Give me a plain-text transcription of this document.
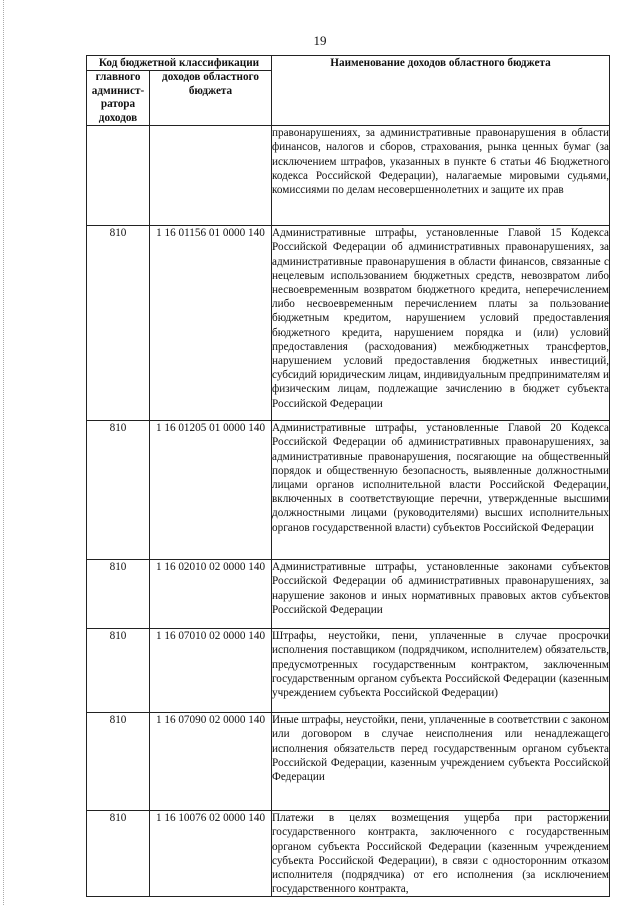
19
Код бюджетной классификации		Наименование доходов областного бюджета
главного админист-ратора доходов	доходов областного бюджета	
		правонарушениях, за административные правонарушения в области финансов, налогов и сборов, страхования, рынка ценных бумаг (за исключением штрафов, указанных в пункте 6 статьи 46 Бюджетного кодекса Российской Федерации), налагаемые мировыми судьями, комиссиями по делам несовершеннолетних и защите их прав
810	1 16 01156 01 0000 140	Административные штрафы, установленные Главой 15 Кодекса Российской Федерации об административных правонарушениях, за административные правонарушения в области финансов, связанные с нецелевым использованием бюджетных средств, невозвратом либо несвоевременным возвратом бюджетного кредита, неперечислением либо несвоевременным перечислением платы за пользование бюджетным кредитом, нарушением условий предоставления бюджетного кредита, нарушением порядка и (или) условий предоставления (расходования) межбюджетных трансфертов, нарушением условий предоставления бюджетных инвестиций, субсидий юридическим лицам, индивидуальным предпринимателям и физическим лицам, подлежащие зачислению в бюджет субъекта Российской Федерации
810	1 16 01205 01 0000 140	Административные штрафы, установленные Главой 20 Кодекса Российской Федерации об административных правонарушениях, за административные правонарушения, посягающие на общественный порядок и общественную безопасность, выявленные должностными лицами органов исполнительной власти Российской Федерации, включенных в соответствующие перечни, утвержденные высшими должностными лицами (руководителями) высших исполнительных органов государственной власти) субъектов Российской Федерации
810	1 16 02010 02 0000 140	Административные штрафы, установленные законами субъектов Российской Федерации об административных правонарушениях, за нарушение законов и иных нормативных правовых актов субъектов Российской Федерации
810	1 16 07010 02 0000 140	Штрафы, неустойки, пени, уплаченные в случае просрочки исполнения поставщиком (подрядчиком, исполнителем) обязательств, предусмотренных государственным контрактом, заключенным государственным органом субъекта Российской Федерации (казенным учреждением субъекта Российской Федерации)
810	1 16 07090 02 0000 140	Иные штрафы, неустойки, пени, уплаченные в соответствии с законом или договором в случае неисполнения или ненадлежащего исполнения обязательств перед государственным органом субъекта Российской Федерации, казенным учреждением субъекта Российской Федерации
810	1 16 10076 02 0000 140	Платежи в целях возмещения ущерба при расторжении государственного контракта, заключенного с государственным органом субъекта Российской Федерации (казенным учреждением субъекта Российской Федерации), в связи с односторонним отказом исполнителя (подрядчика) от его исполнения (за исключением государственного контракта,
